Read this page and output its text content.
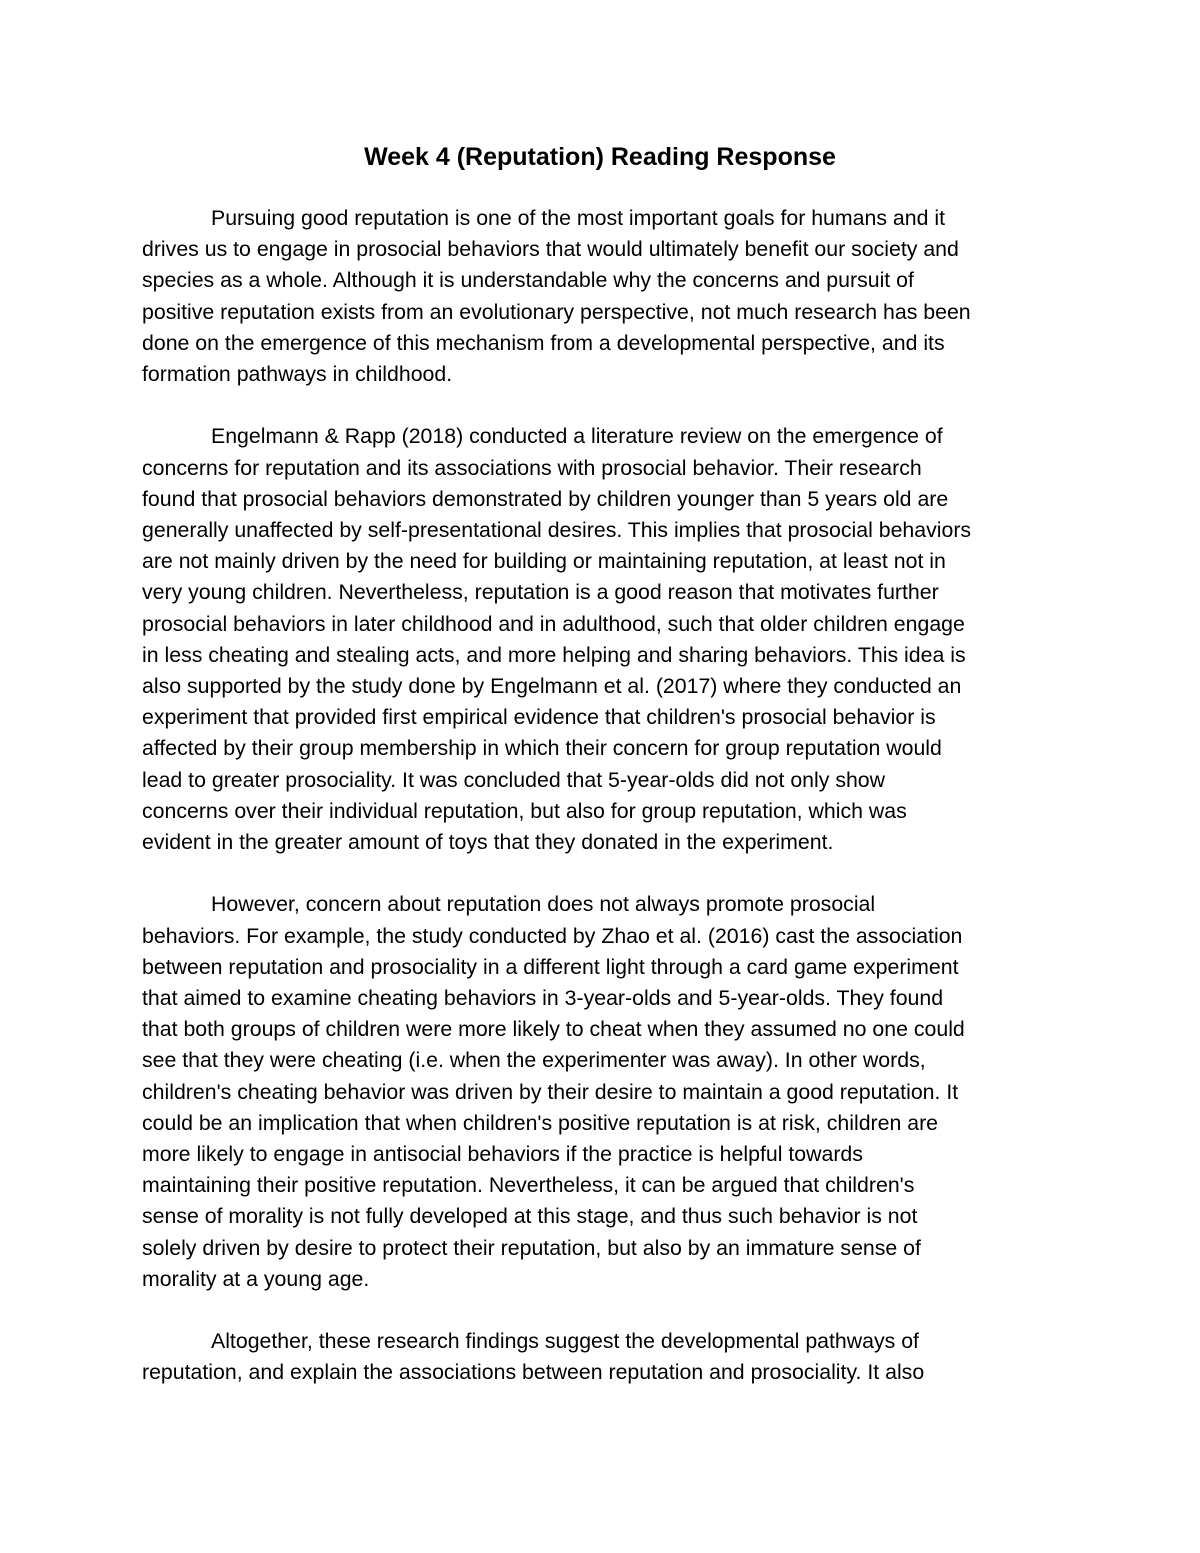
Week 4 (Reputation) Reading Response

Pursuing good reputation is one of the most important goals for humans and it
drives us to engage in prosocial behaviors that would ultimately benefit our society and
species as a whole. Although it is understandable why the concerns and pursuit of
positive reputation exists from an evolutionary perspective, not much research has been
done on the emergence of this mechanism from a developmental perspective, and its
formation pathways in childhood.

Engelmann & Rapp (2018) conducted a literature review on the emergence of
concerns for reputation and its associations with prosocial behavior. Their research
found that prosocial behaviors demonstrated by children younger than 5 years old are
generally unaffected by self-presentational desires. This implies that prosocial behaviors
are not mainly driven by the need for building or maintaining reputation, at least not in
very young children. Nevertheless, reputation is a good reason that motivates further
prosocial behaviors in later childhood and in adulthood, such that older children engage
in less cheating and stealing acts, and more helping and sharing behaviors. This idea is
also supported by the study done by Engelmann et al. (2017) where they conducted an
experiment that provided first empirical evidence that children's prosocial behavior is
affected by their group membership in which their concern for group reputation would
lead to greater prosociality. It was concluded that 5-year-olds did not only show
concerns over their individual reputation, but also for group reputation, which was
evident in the greater amount of toys that they donated in the experiment.

However, concern about reputation does not always promote prosocial
behaviors. For example, the study conducted by Zhao et al. (2016) cast the association
between reputation and prosociality in a different light through a card game experiment
that aimed to examine cheating behaviors in 3-year-olds and 5-year-olds. They found
that both groups of children were more likely to cheat when they assumed no one could
see that they were cheating (i.e. when the experimenter was away). In other words,
children's cheating behavior was driven by their desire to maintain a good reputation. It
could be an implication that when children's positive reputation is at risk, children are
more likely to engage in antisocial behaviors if the practice is helpful towards
maintaining their positive reputation. Nevertheless, it can be argued that children's
sense of morality is not fully developed at this stage, and thus such behavior is not
solely driven by desire to protect their reputation, but also by an immature sense of
morality at a young age.

Altogether, these research findings suggest the developmental pathways of
reputation, and explain the associations between reputation and prosociality. It also
